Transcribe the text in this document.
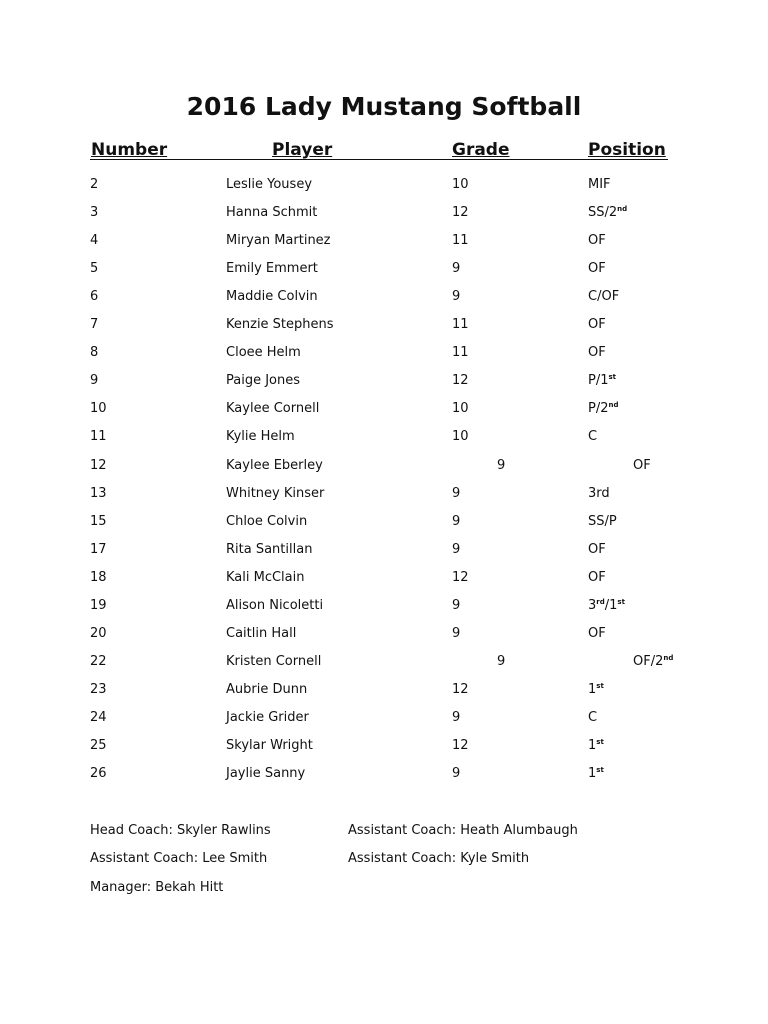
2016 Lady Mustang Softball
Number	Player	Grade	Position
2	Leslie Yousey	10	MIF
3	Hanna Schmit	12	SS/2nd
4	Miryan Martinez	11	OF
5	Emily Emmert	9	OF
6	Maddie Colvin	9	C/OF
7	Kenzie Stephens	11	OF
8	Cloee Helm	11	OF
9	Paige Jones	12	P/1st
10	Kaylee Cornell	10	P/2nd
11	Kylie Helm	10	C
12	Kaylee Eberley	9	OF
13	Whitney Kinser	9	3rd
15	Chloe Colvin	9	SS/P
17	Rita Santillan	9	OF
18	Kali McClain	12	OF
19	Alison Nicoletti	9	3rd/1st
20	Caitlin Hall	9	OF
22	Kristen Cornell	9	OF/2nd
23	Aubrie Dunn	12	1st
24	Jackie Grider	9	C
25	Skylar Wright	12	1st
26	Jaylie Sanny	9	1st
Head Coach: Skyler Rawlins	Assistant Coach: Heath Alumbaugh
Assistant Coach: Lee Smith	Assistant Coach: Kyle Smith
Manager: Bekah Hitt
